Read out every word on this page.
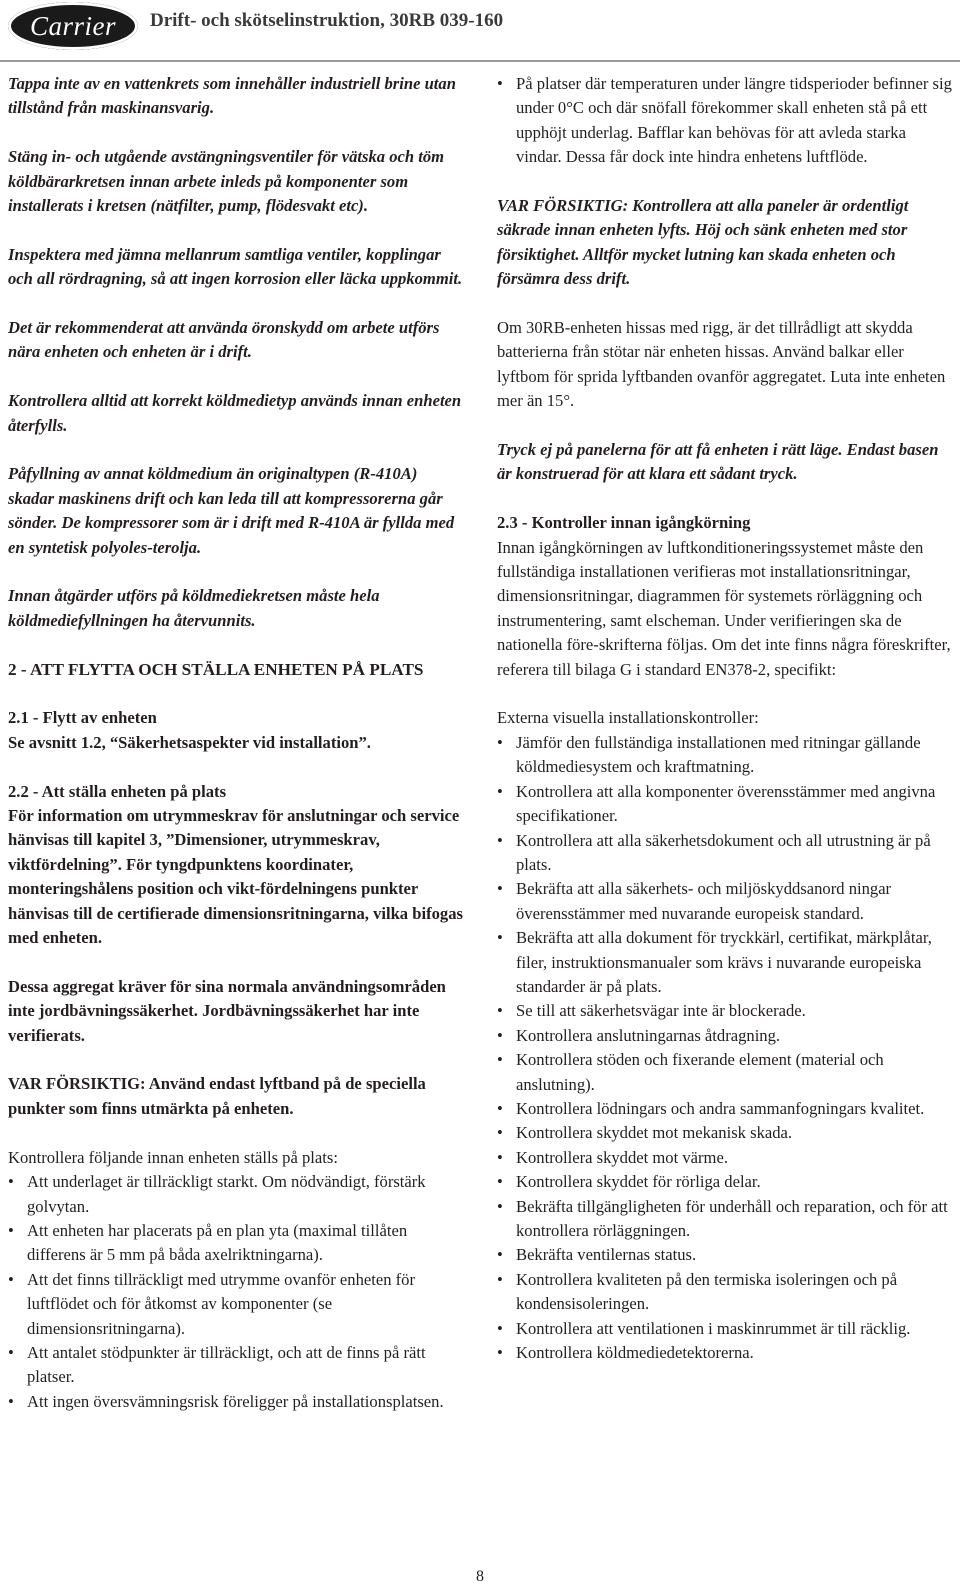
Carrier	Drift- och skötselinstruktion, 30RB 039-160

Tappa inte av en vattenkrets som innehåller industriell brine utan tillstånd från maskinansvarig.

Stäng in- och utgående avstängningsventiler för vätska och töm köldbärarkretsen innan arbete inleds på komponenter som installerats i kretsen (nätfilter, pump, flödesvakt etc).

Inspektera med jämna mellanrum samtliga ventiler, kopplingar och all rördragning, så att ingen korrosion eller läcka uppkommit.

Det är rekommenderat att använda öronskydd om arbete utförs nära enheten och enheten är i drift.

Kontrollera alltid att korrekt köldmedietyp används innan enheten återfylls.

Påfyllning av annat köldmedium än originaltypen (R-410A) skadar maskinens drift och kan leda till att kompressorerna går sönder. De kompressorer som är i drift med R-410A är fyllda med en syntetisk polyoles-terolja.

Innan åtgärder utförs på köldmediekretsen måste hela köldmediefyllningen ha återvunnits.

2 - ATT FLYTTA OCH STÄLLA ENHETEN PÅ PLATS

2.1 - Flytt av enheten

Se avsnitt 1.2, “Säkerhetsaspekter vid installation”.

2.2 - Att ställa enheten på plats

För information om utrymmeskrav för anslutningar och service hänvisas till kapitel 3, ”Dimensioner, utrymmeskrav, viktfördelning”. För tyngdpunktens koordinater, monteringshålens position och vikt-fördelningens punkter hänvisas till de certifierade dimensionsritningarna, vilka bifogas med enheten.

Dessa aggregat kräver för sina normala användningsområden inte jordbävningssäkerhet. Jordbävningssäkerhet har inte verifierats.

VAR FÖRSIKTIG: Använd endast lyftband på de speciella punkter som finns utmärkta på enheten.

Kontrollera följande innan enheten ställs på plats:
• Att underlaget är tillräckligt starkt. Om nödvändigt, förstärk golvytan.
• Att enheten har placerats på en plan yta (maximal tillåten differens är 5 mm på båda axelriktningarna).
• Att det finns tillräckligt med utrymme ovanför enheten för luftflödet och för åtkomst av komponenter (se dimensionsritningarna).
• Att antalet stödpunkter är tillräckligt, och att de finns på rätt platser.
• Att ingen översvämningsrisk föreligger på installationsplatsen.
• På platser där temperaturen under längre tidsperioder befinner sig under 0°C och där snöfall förekommer skall enheten stå på ett upphöjt underlag. Bafflar kan behövas för att avleda starka vindar. Dessa får dock inte hindra enhetens luftflöde.

VAR FÖRSIKTIG: Kontrollera att alla paneler är ordentligt säkrade innan enheten lyfts. Höj och sänk enheten med stor försiktighet. Alltför mycket lutning kan skada enheten och försämra dess drift.

Om 30RB-enheten hissas med rigg, är det tillrådligt att skydda batterierna från stötar när enheten hissas. Använd balkar eller lyftbom för sprida lyftbanden ovanför aggregatet. Luta inte enheten mer än 15°.

Tryck ej på panelerna för att få enheten i rätt läge. Endast basen är konstruerad för att klara ett sådant tryck.

2.3 - Kontroller innan igångkörning

Innan igångkörningen av luftkonditioneringssystemet måste den fullständiga installationen verifieras mot installationsritningar, dimensionsritningar, diagrammen för systemets rörläggning och instrumentering, samt elscheman. Under verifieringen ska de nationella före-skrifterna följas. Om det inte finns några föreskrifter, referera till bilaga G i standard EN378-2, specifikt:

Externa visuella installationskontroller:
• Jämför den fullständiga installationen med ritningar gällande köldmediesystem och kraftmatning.
• Kontrollera att alla komponenter överensstämmer med angivna specifikationer.
• Kontrollera att alla säkerhetsdokument och all utrustning är på plats.
• Bekräfta att alla säkerhets- och miljöskyddsanord ningar överensstämmer med nuvarande europeisk standard.
• Bekräfta att alla dokument för tryckkärl, certifikat, märkplåtar, filer, instruktionsmanualer som krävs i nuvarande europeiska standarder är på plats.
• Se till att säkerhetsvägar inte är blockerade.
• Kontrollera anslutningarnas åtdragning.
• Kontrollera stöden och fixerande element (material och anslutning).
• Kontrollera lödningars och andra sammanfogningars kvalitet.
• Kontrollera skyddet mot mekanisk skada.
• Kontrollera skyddet mot värme.
• Kontrollera skyddet för rörliga delar.
• Bekräfta tillgängligheten för underhåll och reparation, och för att kontrollera rörläggningen.
• Bekräfta ventilernas status.
• Kontrollera kvaliteten på den termiska isoleringen och på kondensisoleringen.
• Kontrollera att ventilationen i maskinrummet är till räcklig.
• Kontrollera köldmediedetektorerna.
8
